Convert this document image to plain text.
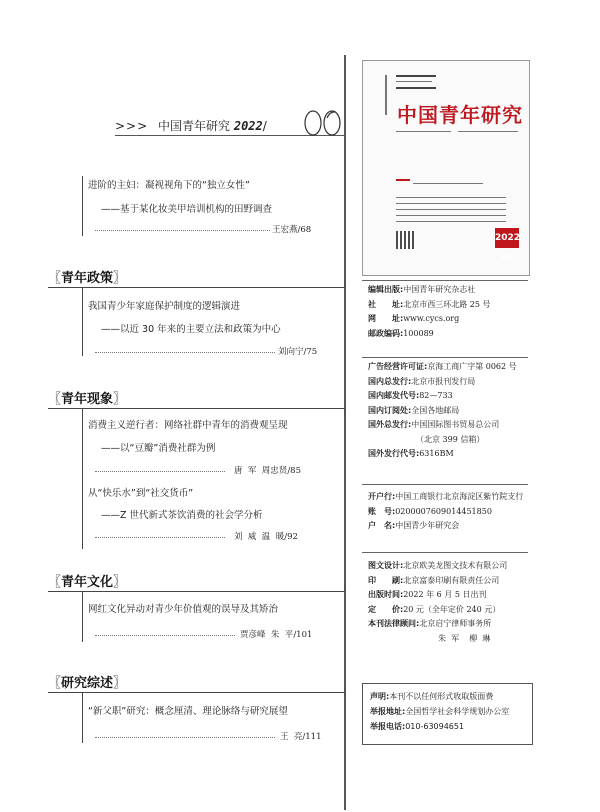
>>> 中国青年研究 2022/
进阶的主妇：凝视视角下的“独立女性”
——基于某化妆美甲培训机构的田野调查
王宏燕/68
〖青年政策〗
我国青少年家庭保护制度的逻辑演进
——以近 30 年来的主要立法和政策为中心
刘向宁/75
〖青年现象〗
消费主义逆行者：网络社群中青年的消费观呈现
——以“豆瓣”消费社群为例
唐  军  周忠贤/85
从“快乐水”到“社交货币”
——Z 世代新式茶饮消费的社会学分析
刘  威  温  暖/92
〖青年文化〗
网红文化异动对青少年价值观的误导及其矫治
贾彦峰  朱  平/101
〖研究综述〗
“新父职”研究：概念厘清、理论脉络与研究展望
王  亮/111
中国青年研究
2022 06
编辑出版:中国青年研究杂志社
社　　址:北京市西三环北路 25 号
网　　址:www.cycs.org
邮政编码:100089
广告经营许可证:京海工商广字第 0062 号
国内总发行:北京市报刊发行局
国内邮发代号:82—733
国内订阅处:全国各地邮局
国外总发行:中国国际图书贸易总公司
（北京 399 信箱）
国外发行代号:6316BM
开户行:中国工商银行北京海淀区紫竹院支行
账　号:0200007609014451850
户　名:中国青少年研究会
图文设计:北京欧美龙图文技术有限公司
印　　刷:北京富泰印刷有限责任公司
出版时间:2022 年 6 月 5 日出刊
定　　价:20 元（全年定价 240 元）
本刊法律顾问:北京启宁律师事务所
朱  军    柳  琳
声明:本刊不以任何形式收取版面费
举报地址:全国哲学社会科学规划办公室
举报电话:010-63094651
